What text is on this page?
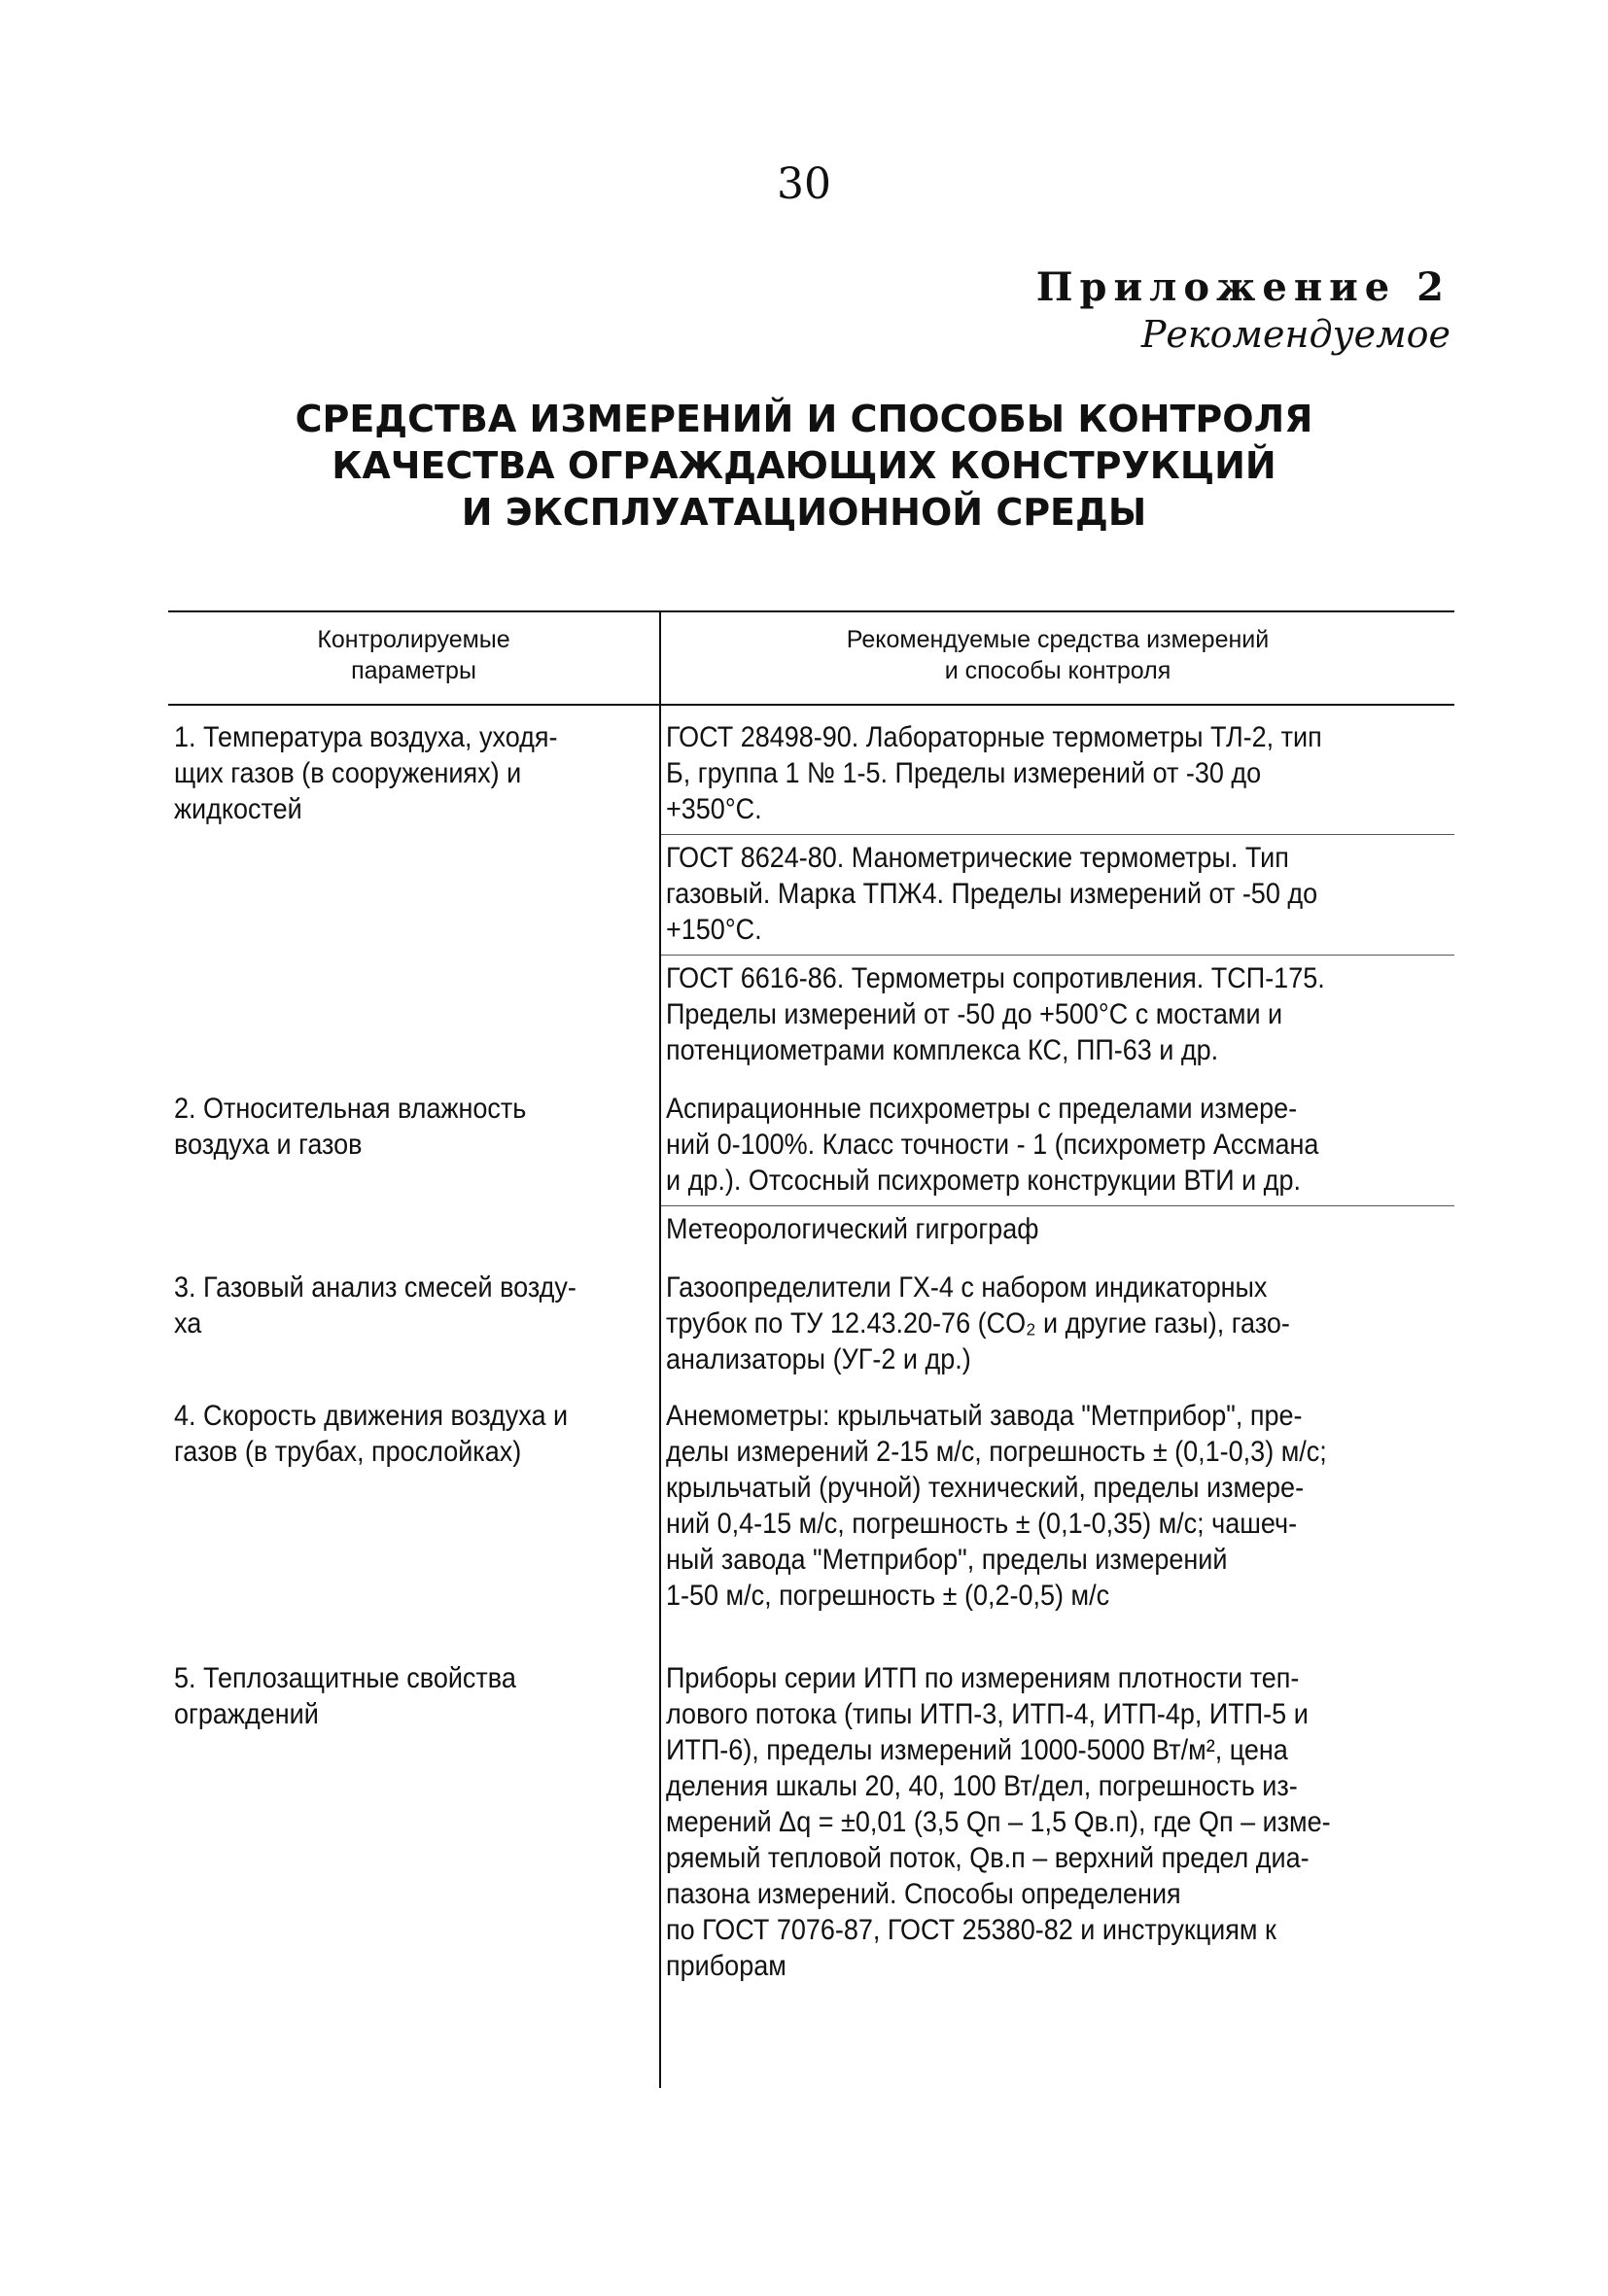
30
Приложение 2
Рекомендуемое
СРЕДСТВА ИЗМЕРЕНИЙ И СПОСОБЫ КОНТРОЛЯ
КАЧЕСТВА ОГРАЖДАЮЩИХ КОНСТРУКЦИЙ
И ЭКСПЛУАТАЦИОННОЙ СРЕДЫ
Контролируемые
параметры
Рекомендуемые средства измерений
и способы контроля
1. Температура воздуха, уходя-
щих газов (в сооружениях) и
жидкостей
ГОСТ 28498-90. Лабораторные термометры ТЛ-2, тип
Б, группа 1 № 1-5. Пределы измерений от -30 до
+350°С.
ГОСТ 8624-80. Манометрические термометры. Тип
газовый. Марка ТПЖ4. Пределы измерений от -50 до
+150°С.
ГОСТ 6616-86. Термометры сопротивления. ТСП-175.
Пределы измерений от -50 до +500°С с мостами и
потенциометрами комплекса КС, ПП-63 и др.
2. Относительная влажность
воздуха и газов
Аспирационные психрометры с пределами измере-
ний 0-100%. Класс точности - 1 (психрометр Ассмана
и др.). Отсосный психрометр конструкции ВТИ и др.
Метеорологический гигрограф
3. Газовый анализ смесей возду-
ха
Газоопределители ГХ-4 с набором индикаторных
трубок по ТУ 12.43.20-76 (CO₂ и другие газы), газо-
анализаторы (УГ-2 и др.)
4. Скорость движения воздуха и
газов (в трубах, прослойках)
Анемометры: крыльчатый завода "Метприбор", пре-
делы измерений 2-15 м/с, погрешность ± (0,1-0,3) м/с;
крыльчатый (ручной) технический, пределы измере-
ний 0,4-15 м/с, погрешность ± (0,1-0,35) м/с; чашеч-
ный завода "Метприбор", пределы измерений
1-50 м/с, погрешность ± (0,2-0,5) м/с
5. Теплозащитные свойства
ограждений
Приборы серии ИТП по измерениям плотности теп-
лового потока (типы ИТП-3, ИТП-4, ИТП-4р, ИТП-5 и
ИТП-6), пределы измерений 1000-5000 Вт/м², цена
деления шкалы 20, 40, 100 Вт/дел, погрешность из-
мерений Δq = ±0,01 (3,5 Qп – 1,5 Qв.п), где Qп – изме-
ряемый тепловой поток, Qв.п – верхний предел диа-
пазона измерений. Способы определения
по ГОСТ 7076-87, ГОСТ 25380-82 и инструкциям к
приборам
